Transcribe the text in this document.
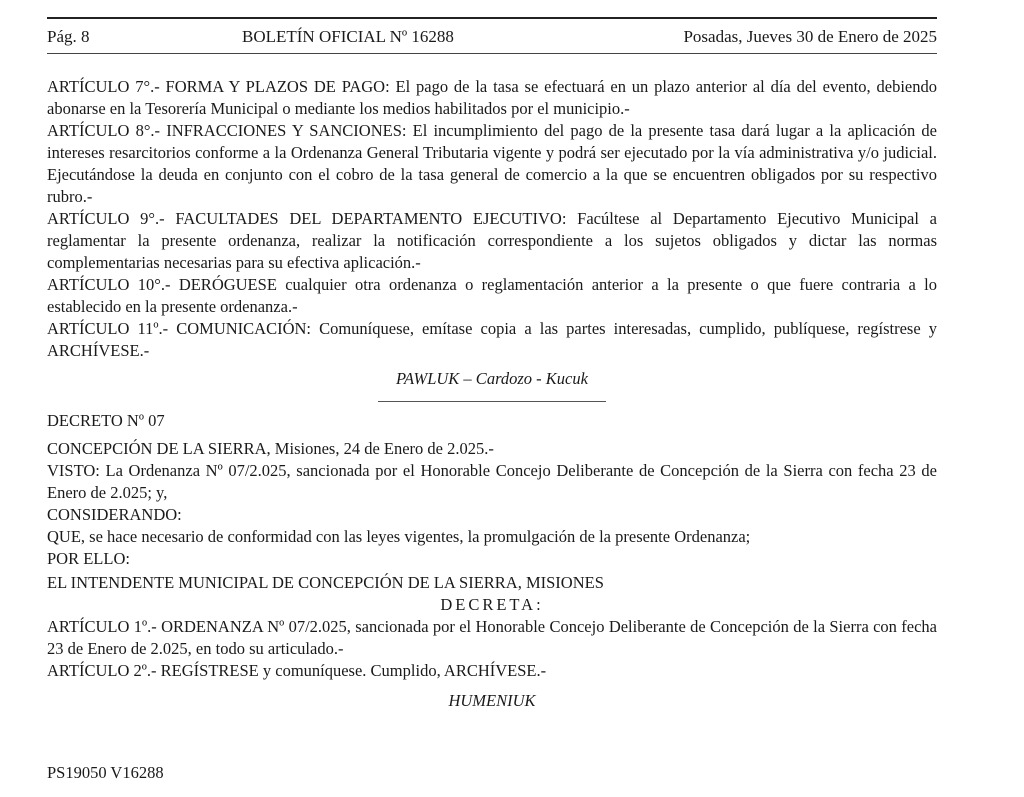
Pág. 8	BOLETÍN OFICIAL Nº 16288	Posadas, Jueves 30 de Enero de 2025

ARTÍCULO 7°.- FORMA Y PLAZOS DE PAGO: El pago de la tasa se efectuará en un plazo anterior al día del evento, debiendo abonarse en la Tesorería Municipal o mediante los medios habilitados por el municipio.-

ARTÍCULO 8°.- INFRACCIONES Y SANCIONES: El incumplimiento del pago de la presente tasa dará lugar a la aplicación de intereses resarcitorios conforme a la Ordenanza General Tributaria vigente y podrá ser ejecutado por la vía administrativa y/o judicial. Ejecutándose la deuda en conjunto con el cobro de la tasa general de comercio a la que se encuentren obligados por su respectivo rubro.-

ARTÍCULO 9°.- FACULTADES DEL DEPARTAMENTO EJECUTIVO: Facúltese al Departamento Ejecutivo Municipal a reglamentar la presente ordenanza, realizar la notificación correspondiente a los sujetos obligados y dictar las normas complementarias necesarias para su efectiva aplicación.-

ARTÍCULO 10°.- DERÓGUESE cualquier otra ordenanza o reglamentación anterior a la presente o que fuere contraria a lo establecido en la presente ordenanza.-

ARTÍCULO 11º.- COMUNICACIÓN: Comuníquese, emítase copia a las partes interesadas, cumplido, publíquese, regístrese y ARCHÍVESE.-

PAWLUK – Cardozo - Kucuk

DECRETO Nº 07

CONCEPCIÓN DE LA SIERRA, Misiones, 24 de Enero de 2.025.-

VISTO: La Ordenanza Nº 07/2.025, sancionada por el Honorable Concejo Deliberante de Concepción de la Sierra con fecha 23 de Enero de 2.025; y,

CONSIDERANDO:

QUE, se hace necesario de conformidad con las leyes vigentes, la promulgación de la presente Ordenanza;

POR ELLO:

EL INTENDENTE MUNICIPAL DE CONCEPCIÓN DE LA SIERRA, MISIONES

DECRETA:

ARTÍCULO 1º.- ORDENANZA Nº 07/2.025, sancionada por el Honorable Concejo Deliberante de Concepción de la Sierra con fecha 23 de Enero de 2.025, en todo su articulado.-

ARTÍCULO 2º.- REGÍSTRESE y comuníquese. Cumplido, ARCHÍVESE.-

HUMENIUK

PS19050 V16288
